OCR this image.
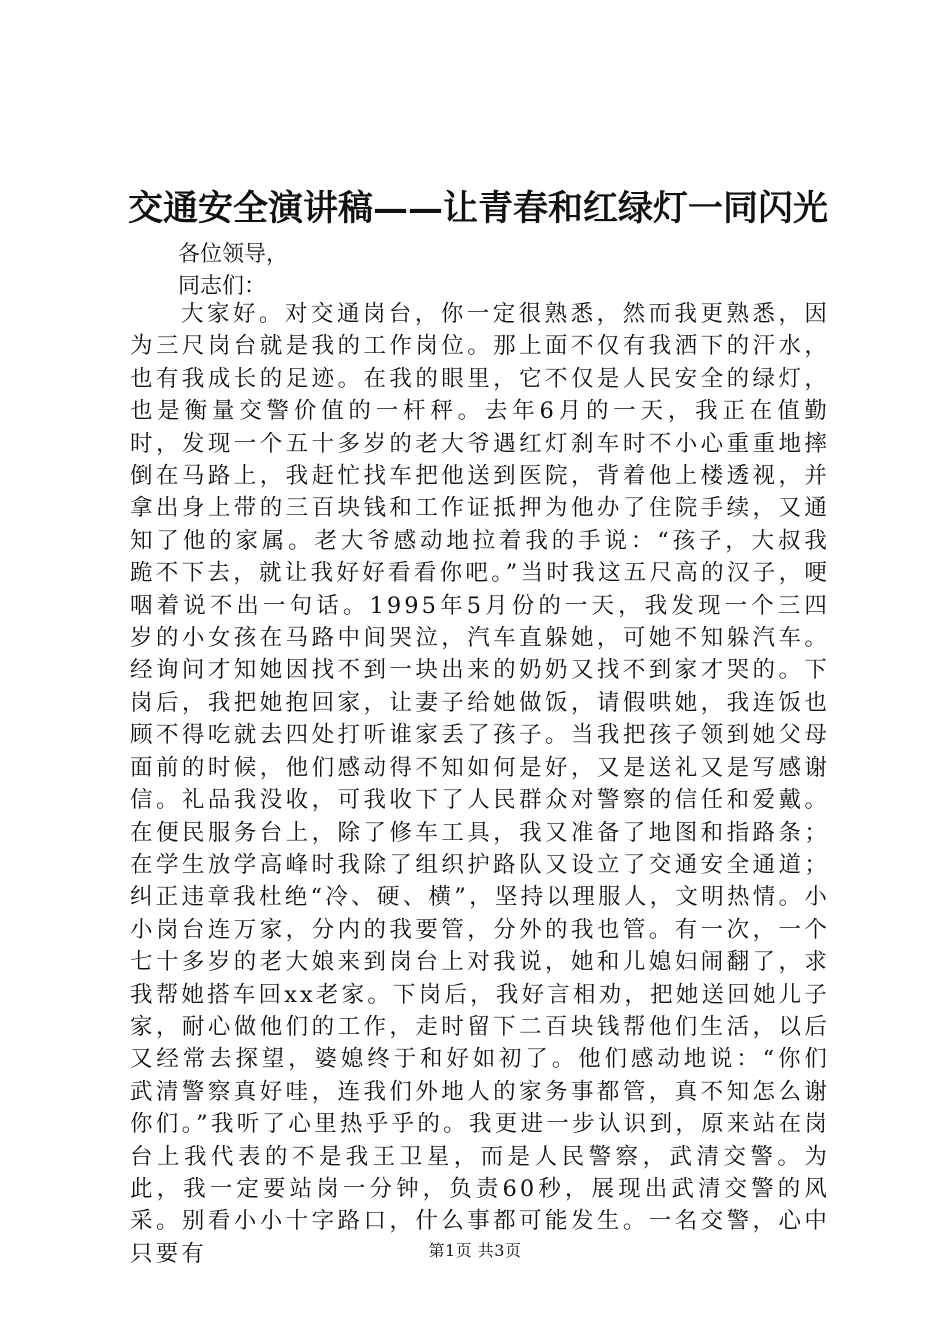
交通安全演讲稿——让青春和红绿灯一同闪光

各位领导，

同志们：

大家好。对交通岗台，你一定很熟悉，然而我更熟悉，因为三尺岗台就是我的工作岗位。那上面不仅有我洒下的汗水，也有我成长的足迹。在我的眼里，它不仅是人民安全的绿灯，也是衡量交警价值的一杆秤。去年6月的一天，我正在值勤时，发现一个五十多岁的老大爷遇红灯刹车时不小心重重地摔倒在马路上，我赶忙找车把他送到医院，背着他上楼透视，并拿出身上带的三百块钱和工作证抵押为他办了住院手续，又通知了他的家属。老大爷感动地拉着我的手说：“孩子，大叔我跪不下去，就让我好好看看你吧。”当时我这五尺高的汉子，哽咽着说不出一句话。1995年5月份的一天，我发现一个三四岁的小女孩在马路中间哭泣，汽车直躲她，可她不知躲汽车。经询问才知她因找不到一块出来的奶奶又找不到家才哭的。下岗后，我把她抱回家，让妻子给她做饭，请假哄她，我连饭也顾不得吃就去四处打听谁家丢了孩子。当我把孩子领到她父母面前的时候，他们感动得不知如何是好，又是送礼又是写感谢信。礼品我没收，可我收下了人民群众对警察的信任和爱戴。在便民服务台上，除了修车工具，我又准备了地图和指路条；在学生放学高峰时我除了组织护路队又设立了交通安全通道；纠正违章我杜绝“冷、硬、横”，坚持以理服人，文明热情。小小岗台连万家，分内的我要管，分外的我也管。有一次，一个七十多岁的老大娘来到岗台上对我说，她和儿媳妇闹翻了，求我帮她搭车回xx老家。下岗后，我好言相劝，把她送回她儿子家，耐心做他们的工作，走时留下二百块钱帮他们生活，以后又经常去探望，婆媳终于和好如初了。他们感动地说：“你们武清警察真好哇，连我们外地人的家务事都管，真不知怎么谢你们。”我听了心里热乎乎的。我更进一步认识到，原来站在岗台上我代表的不是我王卫星，而是人民警察，武清交警。为此，我一定要站岗一分钟，负责60秒，展现出武清交警的风采。别看小小十字路口，什么事都可能发生。一名交警，心中只要有	第1页 共3页
